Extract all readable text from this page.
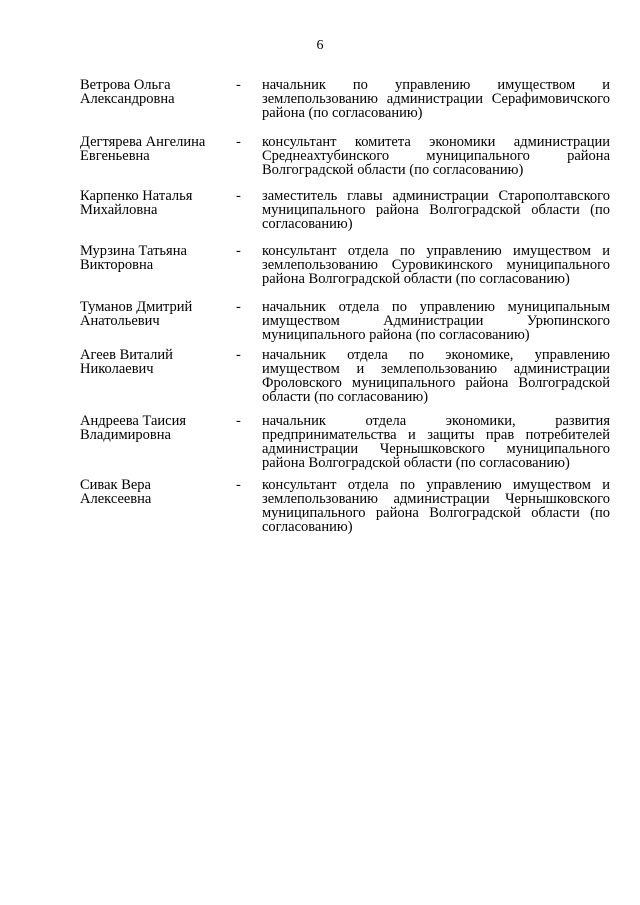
6
Ветрова Ольга
Александровна
- начальник по управлению имуществом и землепользованию администрации Серафимовичского района (по согласованию)
Дегтярева Ангелина
Евгеньевна
- консультант комитета экономики администрации Среднеахтубинского муниципального района Волгоградской области (по согласованию)
Карпенко Наталья
Михайловна
- заместитель главы администрации Старополтавского муниципального района Волгоградской области (по согласованию)
Мурзина Татьяна
Викторовна
- консультант отдела по управлению имуществом и землепользованию Суровикинского муниципального района Волгоградской области (по согласованию)
Туманов Дмитрий
Анатольевич
- начальник отдела по управлению муниципальным имуществом Администрации Урюпинского муниципального района (по согласованию)
Агеев Виталий
Николаевич
- начальник отдела по экономике, управлению имуществом и землепользованию администрации Фроловского муниципального района Волгоградской области (по согласованию)
Андреева Таисия
Владимировна
- начальник отдела экономики, развития предпринимательства и защиты прав потребителей администрации Чернышковского муниципального района Волгоградской области (по согласованию)
Сивак Вера
Алексеевна
- консультант отдела по управлению имуществом и землепользованию администрации Чернышковского муниципального района Волгоградской области (по согласованию)
